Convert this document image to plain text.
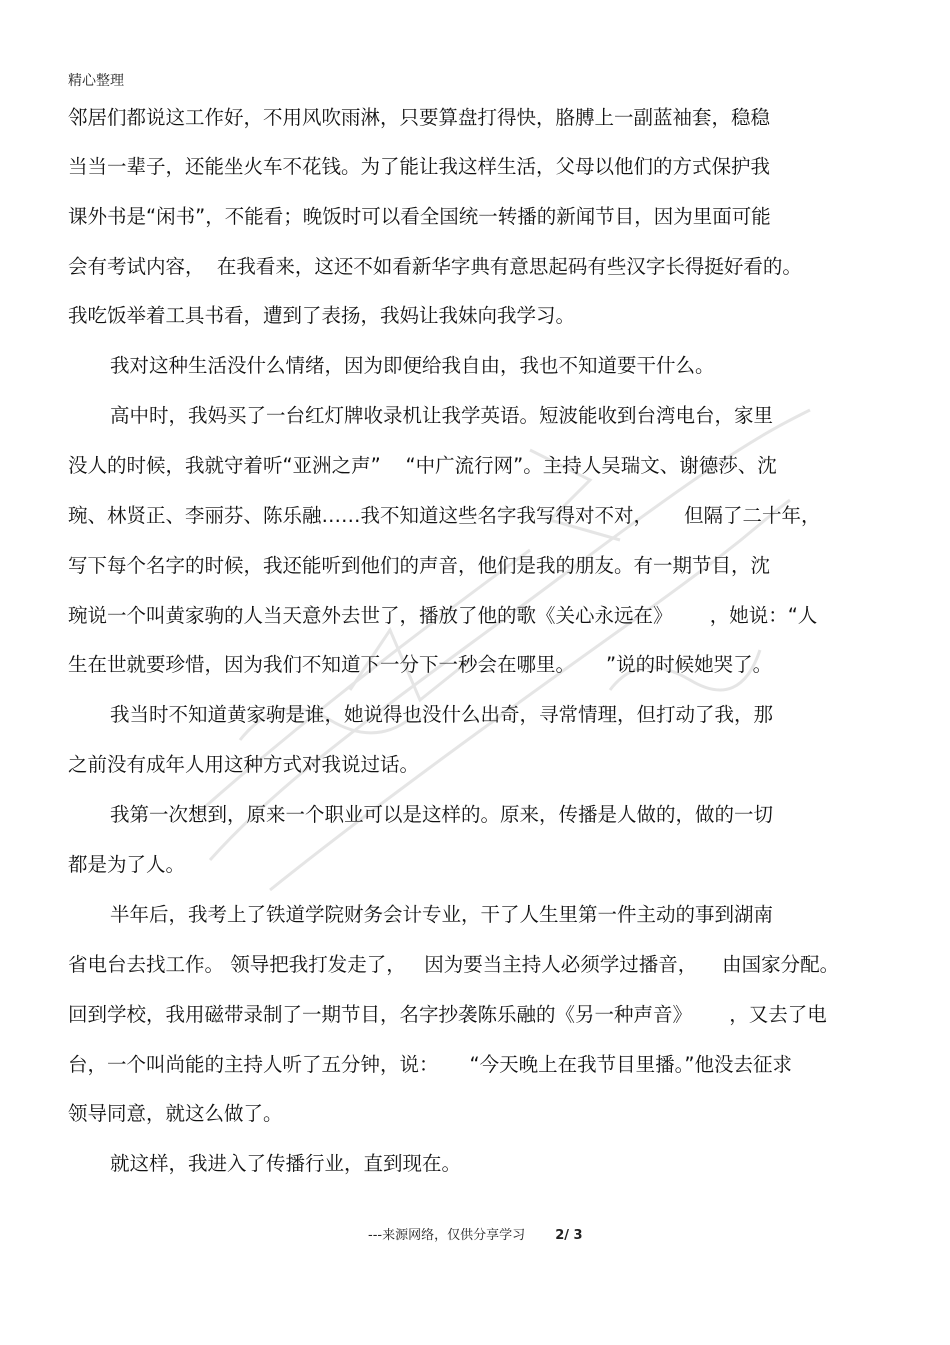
精心整理
邻居们都说这工作好，不用风吹雨淋，只要算盘打得快，胳膊上一副蓝袖套，稳稳
当当一辈子，还能坐火车不花钱。为了能让我这样生活，父母以他们的方式保护我
课外书是“闲书”，不能看；晚饭时可以看全国统一转播的新闻节目，因为里面可能
会有考试内容，  在我看来，这还不如看新华字典有意思起码有些汉字长得挺好看的。
我吃饭举着工具书看，遭到了表扬，我妈让我妹向我学习。
我对这种生活没什么情绪，因为即便给我自由，我也不知道要干什么。
高中时，我妈买了一台红灯牌收录机让我学英语。短波能收到台湾电台，家里
没人的时候，我就守着听“亚洲之声”    “中广流行网”。主持人吴瑞文、谢德莎、沈
琬、林贤正、李丽芬、陈乐融……我不知道这些名字我写得对不对，     但隔了二十年，
写下每个名字的时候，我还能听到他们的声音，他们是我的朋友。有一期节目，沈
琬说一个叫黄家驹的人当天意外去世了，播放了他的歌《关心永远在》      ，她说：“人
生在世就要珍惜，因为我们不知道下一分下一秒会在哪里。     ”说的时候她哭了。
我当时不知道黄家驹是谁，她说得也没什么出奇，寻常情理，但打动了我，那
之前没有成年人用这种方式对我说过话。
我第一次想到，原来一个职业可以是这样的。原来，传播是人做的，做的一切
都是为了人。
半年后，我考上了铁道学院财务会计专业，干了人生里第一件主动的事到湖南
省电台去找工作。 领导把我打发走了，   因为要当主持人必须学过播音，    由国家分配。
回到学校，我用磁带录制了一期节目，名字抄袭陈乐融的《另一种声音》      ，又去了电
台，一个叫尚能的主持人听了五分钟，说：     “今天晚上在我节目里播。”他没去征求
领导同意，就这么做了。
就这样，我进入了传播行业，直到现在。
---来源网络，仅供分享学习 2/ 3
